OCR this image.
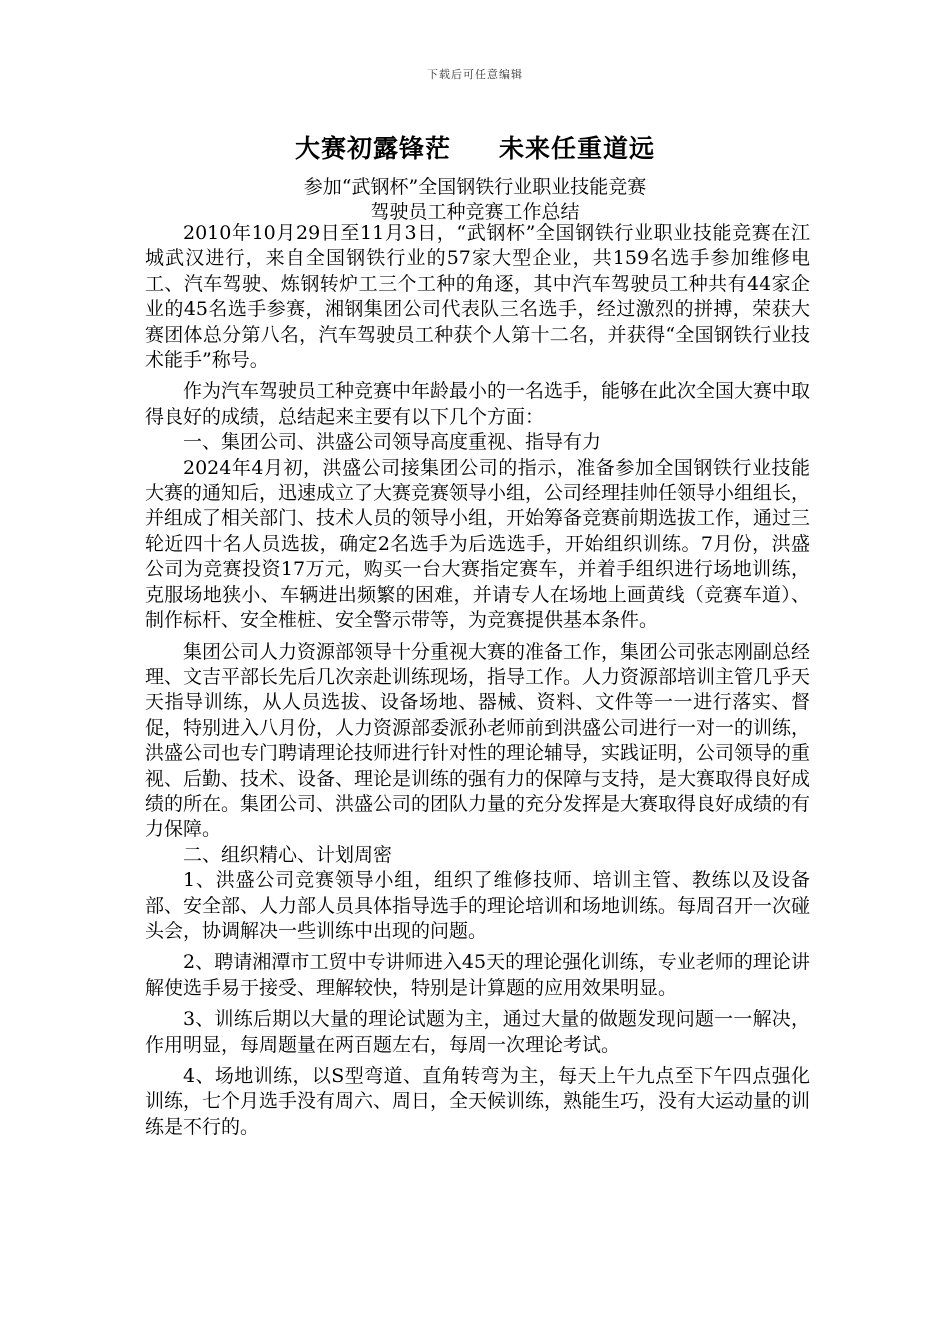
下载后可任意编辑
大赛初露锋茫 未来任重道远
参加“武钢杯”全国钢铁行业职业技能竞赛
驾驶员工种竞赛工作总结

2010年10月29日至11月3日，“武钢杯”全国钢铁行业职业技能竞赛在江城武汉进行，来自全国钢铁行业的57家大型企业，共159名选手参加维修电工、汽车驾驶、炼钢转炉工三个工种的角逐，其中汽车驾驶员工种共有44家企业的45名选手参赛，湘钢集团公司代表队三名选手，经过激烈的拼搏，荣获大赛团体总分第八名，汽车驾驶员工种获个人第十二名，并获得“全国钢铁行业技术能手”称号。

作为汽车驾驶员工种竞赛中年龄最小的一名选手，能够在此次全国大赛中取得良好的成绩，总结起来主要有以下几个方面：

一、集团公司、洪盛公司领导高度重视、指导有力

2024年4月初，洪盛公司接集团公司的指示，准备参加全国钢铁行业技能大赛的通知后，迅速成立了大赛竞赛领导小组，公司经理挂帅任领导小组组长，并组成了相关部门、技术人员的领导小组，开始筹备竞赛前期选拔工作，通过三轮近四十名人员选拔，确定2名选手为后选选手，开始组织训练。7月份，洪盛公司为竞赛投资17万元，购买一台大赛指定赛车，并着手组织进行场地训练，克服场地狭小、车辆进出频繁的困难，并请专人在场地上画黄线（竞赛车道）、制作标杆、安全椎桩、安全警示带等，为竞赛提供基本条件。

集团公司人力资源部领导十分重视大赛的准备工作，集团公司张志刚副总经理、文吉平部长先后几次亲赴训练现场，指导工作。人力资源部培训主管几乎天天指导训练，从人员选拔、设备场地、器械、资料、文件等一一进行落实、督促，特别进入八月份，人力资源部委派孙老师前到洪盛公司进行一对一的训练，洪盛公司也专门聘请理论技师进行针对性的理论辅导，实践证明，公司领导的重视、后勤、技术、设备、理论是训练的强有力的保障与支持，是大赛取得良好成绩的所在。集团公司、洪盛公司的团队力量的充分发挥是大赛取得良好成绩的有力保障。

二、组织精心、计划周密

1、洪盛公司竞赛领导小组，组织了维修技师、培训主管、教练以及设备部、安全部、人力部人员具体指导选手的理论培训和场地训练。每周召开一次碰头会，协调解决一些训练中出现的问题。

2、聘请湘潭市工贸中专讲师进入45天的理论强化训练，专业老师的理论讲解使选手易于接受、理解较快，特别是计算题的应用效果明显。

3、训练后期以大量的理论试题为主，通过大量的做题发现问题一一解决，作用明显，每周题量在两百题左右，每周一次理论考试。

4、场地训练，以S型弯道、直角转弯为主，每天上午九点至下午四点强化训练，七个月选手没有周六、周日，全天候训练，熟能生巧，没有大运动量的训练是不行的。
